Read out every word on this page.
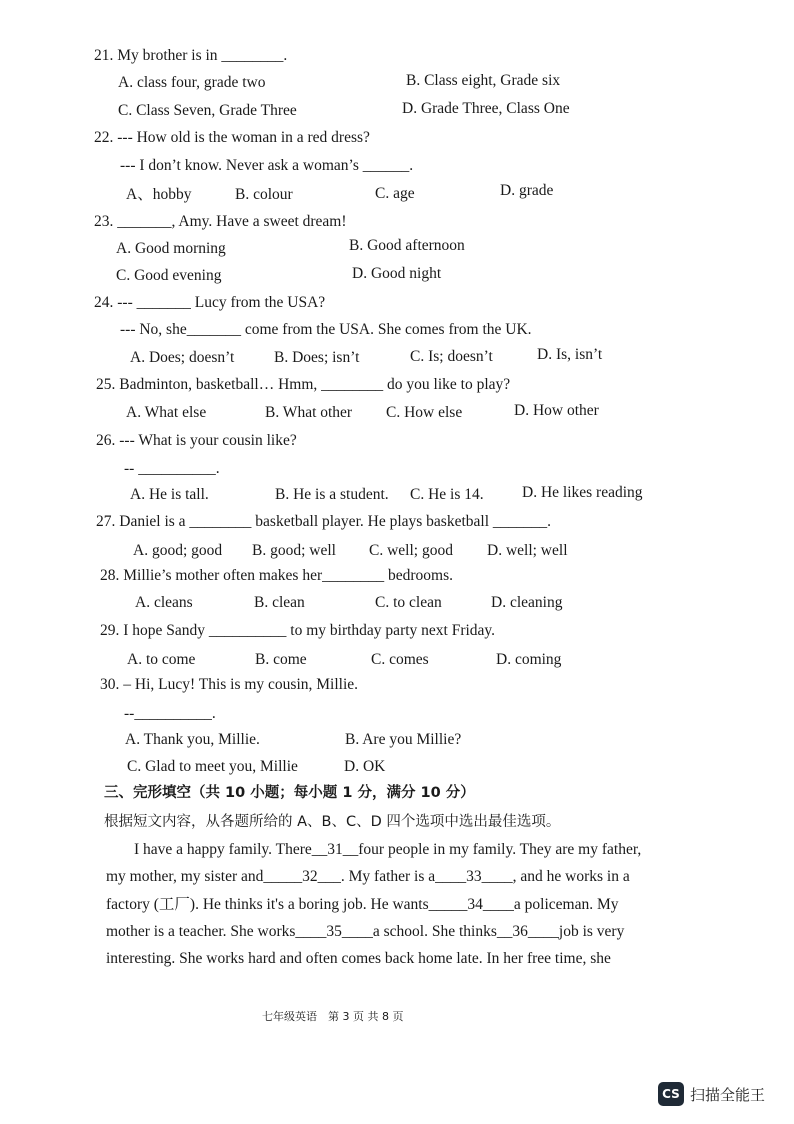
21. My brother is in ________.
A. class four, grade two	B. Class eight, Grade six
C. Class Seven, Grade Three	D. Grade Three, Class One
22. --- How old is the woman in a red dress?
--- I don’t know. Never ask a woman’s ______.
A、hobby	B. colour	C. age	D. grade
23. _______, Amy. Have a sweet dream!
A. Good morning	B. Good afternoon
C. Good evening	D. Good night
24. --- _______ Lucy from the USA?
--- No, she_______ come from the USA. She comes from the UK.
A. Does; doesn’t	B. Does; isn’t	C. Is; doesn’t	D. Is, isn’t
25. Badminton, basketball… Hmm, ________ do you like to play?
A. What else	B. What other C. How else	D. How other
26. --- What is your cousin like?
-- __________.
A. He is tall.	B. He is a student. C. He is 14. D. He likes reading
27. Daniel is a ________ basketball player. He plays basketball _______.
A. good; good B. good; well C. well; good D. well; well
28. Millie’s mother often makes her________ bedrooms.
A. cleans	B. clean	C. to clean	D. cleaning
29. I hope Sandy __________ to my birthday party next Friday.
A. to come	B. come	C. comes	D. coming
30. – Hi, Lucy! This is my cousin, Millie.
--__________.
A. Thank you, Millie.	B. Are you Millie?
C. Glad to meet you, Millie	D. OK
三、完形填空（共 10 小题；每小题 1 分，满分 10 分）
根据短文内容，从各题所给的 A、B、C、D 四个选项中选出最佳选项。
I have a happy family. There__31__four people in my family. They are my father,
my mother, my sister and_____32___. My father is a____33____, and he works in a
factory (工厂). He thinks it's a boring job. He wants_____34____a policeman. My
mother is a teacher. She works____35____a school. She thinks__36____job is very
interesting. She works hard and often comes back home late. In her free time, she
七年级英语　第 3 页 共 8 页
CS 扫描全能王
